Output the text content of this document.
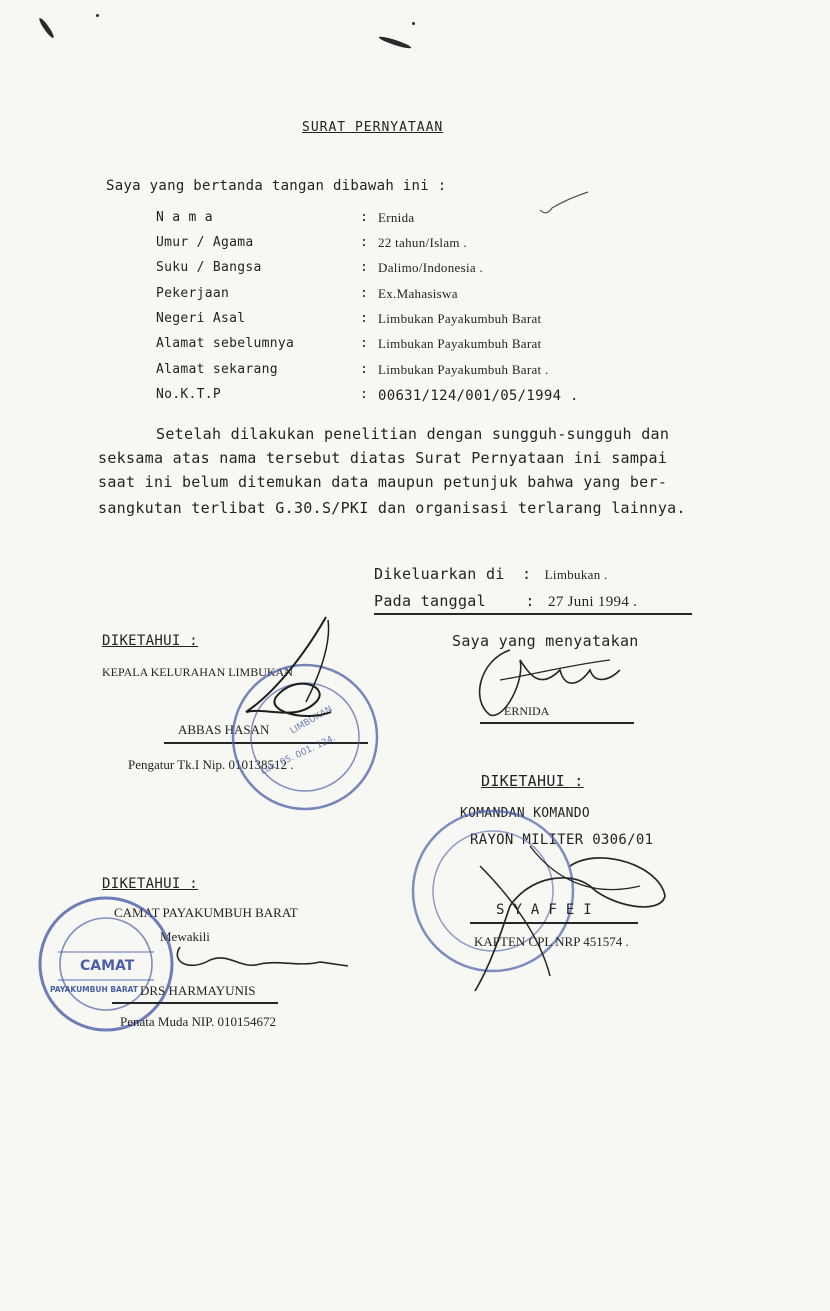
SURAT PERNYATAAN
Saya yang bertanda tangan dibawah ini :
N a m a	: Ernida
Umur / Agama	: 22 tahun/Islam .
Suku / Bangsa	: Dalimo/Indonesia .
Pekerjaan	: Ex.Mahasiswa
Negeri Asal	: Limbukan Payakumbuh Barat
Alamat sebelumnya	: Limbukan Payakumbuh Barat
Alamat sekarang	: Limbukan Payakumbuh Barat .
No.K.T.P	: 00631/124/001/05/1994 .
Setelah dilakukan penelitian dengan sungguh-sungguh dan
seksama atas nama tersebut diatas Surat Pernyataan ini sampai
saat ini belum ditemukan data maupun petunjuk bahwa yang ber-
sangkutan terlibat G.30.S/PKI dan organisasi terlarang lainnya.
Dikeluarkan di : Limbukan .
Pada tanggal	: 27 Juni 1994 .
DIKETAHUI :
KEPALA KELURAHAN LIMBUKAN
ABBAS HASAN
Pengatur Tk.I Nip. 010138512 .
LIMBUKAN
Lok. 05. 001. 124.
Saya yang menyatakan
ERNIDA
DIKETAHUI :
KOMANDAN KOMANDO
RAYON MILITER 0306/01
S Y A F E I
KAPTEN CPL NRP 451574 .
DIKETAHUI :
CAMAT PAYAKUMBUH BARAT
Mewakili
CAMAT
PAYAKUMBUH BARAT DRS HARMAYUNIS
Penata Muda NIP. 010154672
